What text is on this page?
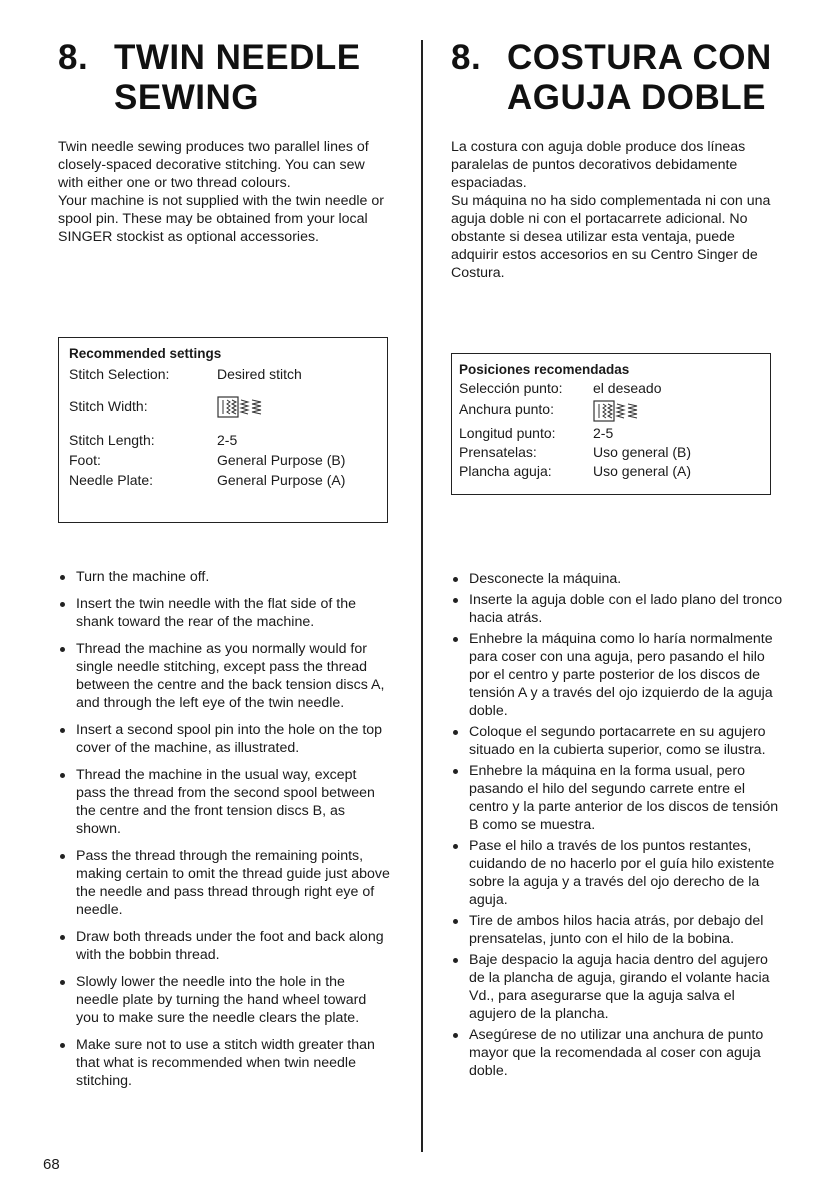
8. TWIN NEEDLE
SEWING

Twin needle sewing produces two parallel lines of closely-spaced decorative stitching. You can sew with either one or two thread colours.

Your machine is not supplied with the twin needle or spool pin. These may be obtained from your local SINGER stockist as optional accessories.

Recommended settings
Stitch Selection:	Desired stitch
Stitch Width:
Stitch Length:	2-5
Foot:	General Purpose (B)
Needle Plate:	General Purpose (A)
Turn the machine off.
Insert the twin needle with the flat side of the shank toward the rear of the machine.
Thread the machine as you normally would for single needle stitching, except pass the thread between the centre and the back tension discs A, and through the left eye of the twin needle.
Insert a second spool pin into the hole on the top cover of the machine, as illustrated.
Thread the machine in the usual way, except pass the thread from the second spool between the centre and the front tension discs B, as shown.
Pass the thread through the remaining points, making certain to omit the thread guide just above the needle and pass thread through right eye of needle.
Draw both threads under the foot and back along with the bobbin thread.
Slowly lower the needle into the hole in the needle plate by turning the hand wheel toward you to make sure the needle clears the plate.
Make sure not to use a stitch width greater than that what is recommended when twin needle stitching.
8. COSTURA CON
AGUJA DOBLE

La costura con aguja doble produce dos líneas paralelas de puntos decorativos debidamente espaciadas.

Su máquina no ha sido complementada ni con una aguja doble ni con el portacarrete adicional. No obstante si desea utilizar esta ventaja, puede adquirir estos accesorios en su Centro Singer de Costura.

Posiciones recomendadas
Selección punto:	el deseado
Anchura punto:
Longitud punto:	2-5
Prensatelas:	Uso general (B)
Plancha aguja:	Uso general (A)
Desconecte la máquina.
Inserte la aguja doble con el lado plano del tronco hacia atrás.
Enhebre la máquina como lo haría normalmente para coser con una aguja, pero pasando el hilo por el centro y parte posterior de los discos de tensión A y a través del ojo izquierdo de la aguja doble.
Coloque el segundo portacarrete en su agujero situado en la cubierta superior, como se ilustra.
Enhebre la máquina en la forma usual, pero pasando el hilo del segundo carrete entre el centro y la parte anterior de los discos de tensión B como se muestra.
Pase el hilo a través de los puntos restantes, cuidando de no hacerlo por el guía hilo existente sobre la aguja y a través del ojo derecho de la aguja.
Tire de ambos hilos hacia atrás, por debajo del prensatelas, junto con el hilo de la bobina.
Baje despacio la aguja hacia dentro del agujero de la plancha de aguja, girando el volante hacia Vd., para asegurarse que la aguja salva el agujero de la plancha.
Asegúrese de no utilizar una anchura de punto mayor que la recomendada al coser con aguja doble.
68
